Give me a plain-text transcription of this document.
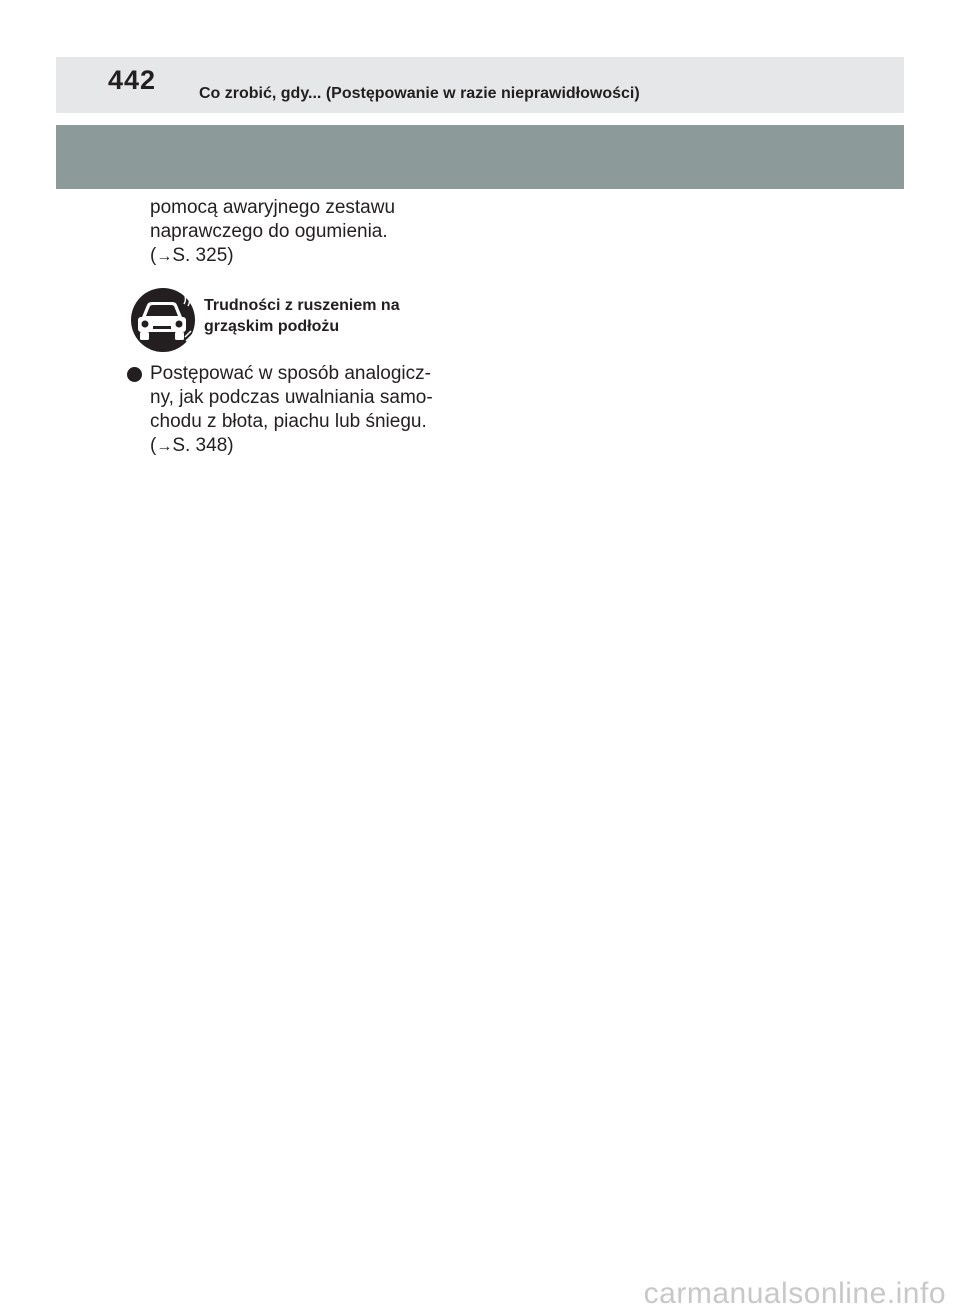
442	Co zrobić, gdy... (Postępowanie w razie nieprawidłowości)
pomocą awaryjnego zestawu
naprawczego do ogumienia.
(→S. 325)
Trudności z ruszeniem na
grząskim podłożu
Postępować w sposób analogicz-
ny, jak podczas uwalniania samo-
chodu z błota, piachu lub śniegu.
(→S. 348)
carmanualsonline.info
